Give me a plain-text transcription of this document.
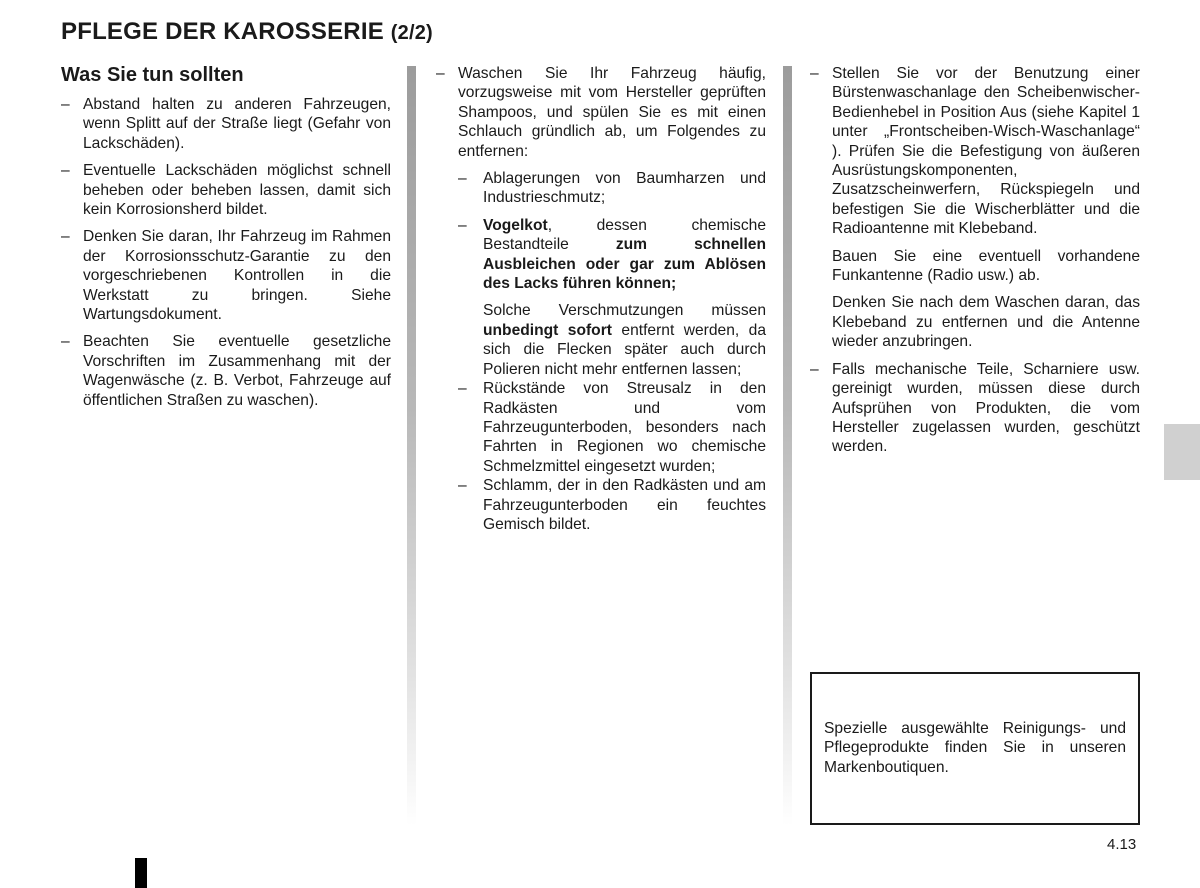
PFLEGE DER KAROSSERIE (2/2)
Was Sie tun sollten
– Abstand halten zu anderen Fahrzeugen, wenn Splitt auf der Straße liegt (Gefahr von Lackschäden).
– Eventuelle Lackschäden möglichst schnell beheben oder beheben lassen, damit sich kein Korrosionsherd bildet.
– Denken Sie daran, Ihr Fahrzeug im Rahmen der Korrosionsschutz-Garantie zu den vorgeschriebenen Kontrollen in die Werkstatt zu bringen. Siehe Wartungsdokument.
– Beachten Sie eventuelle gesetzliche Vorschriften im Zusammenhang mit der Wagenwäsche (z. B. Verbot, Fahrzeuge auf öffentlichen Straßen zu waschen).
– Waschen Sie Ihr Fahrzeug häufig, vorzugsweise mit vom Hersteller geprüften Shampoos, und spülen Sie es mit einen Schlauch gründlich ab, um Folgendes zu entfernen:
– Ablagerungen von Baumharzen und Industrieschmutz;
– Vogelkot, dessen chemische Bestandteile zum schnellen Ausbleichen oder gar zum Ablösen des Lacks führen können;
Solche Verschmutzungen müssen unbedingt sofort entfernt werden, da sich die Flecken später auch durch Polieren nicht mehr entfernen lassen;
– Rückstände von Streusalz in den Radkästen und vom Fahrzeugunterboden, besonders nach Fahrten in Regionen wo chemische Schmelzmittel eingesetzt wurden;
– Schlamm, der in den Radkästen und am Fahrzeugunterboden ein feuchtes Gemisch bildet.
– Stellen Sie vor der Benutzung einer Bürstenwaschanlage den Scheibenwischer-Bedienhebel in Position Aus (siehe Kapitel 1 unter „Frontscheiben-Wisch-Waschanlage“ ). Prüfen Sie die Befestigung von äußeren Ausrüstungskomponenten, Zusatzscheinwerfern, Rückspiegeln und befestigen Sie die Wischerblätter und die Radioantenne mit Klebeband.
Bauen Sie eine eventuell vorhandene Funkantenne (Radio usw.) ab.
Denken Sie nach dem Waschen daran, das Klebeband zu entfernen und die Antenne wieder anzubringen.
– Falls mechanische Teile, Scharniere usw. gereinigt wurden, müssen diese durch Aufsprühen von Produkten, die vom Hersteller zugelassen wurden, geschützt werden.
Spezielle ausgewählte Reinigungs- und Pflegeprodukte finden Sie in unseren Markenboutiquen.
4.13
